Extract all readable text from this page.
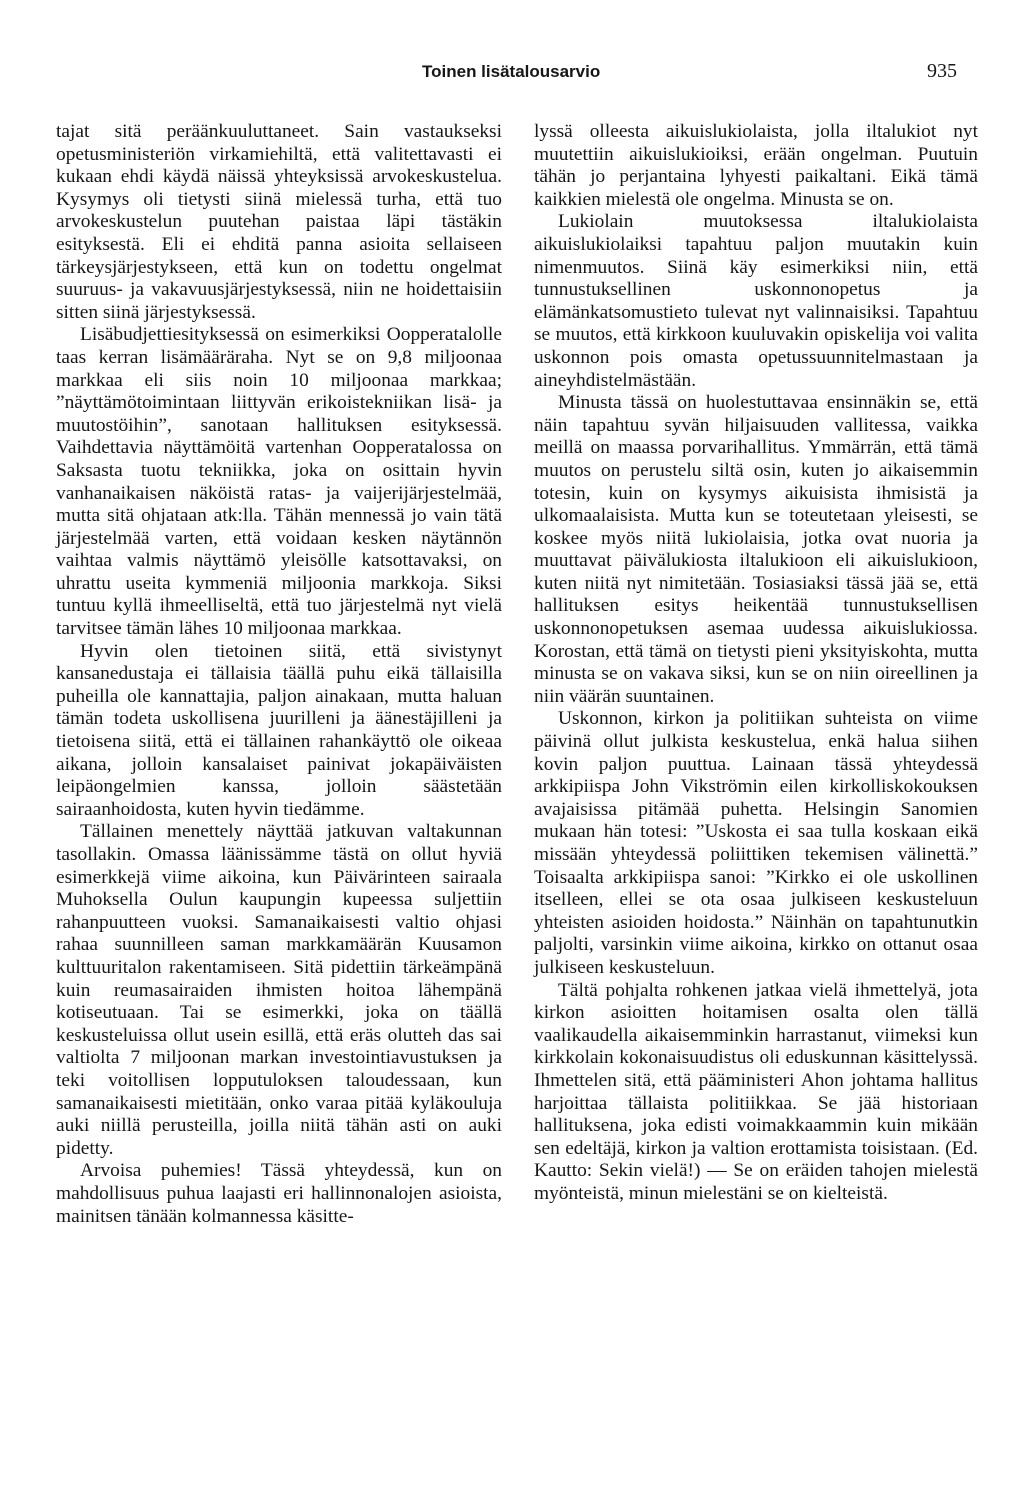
Toinen lisätalousarvio	935

tajat sitä peräänkuuluttaneet. Sain vastaukseksi opetusministeriön virkamiehiltä, että valitettavasti ei kukaan ehdi käydä näissä yhteyksissä arvokeskustelua. Kysymys oli tietysti siinä mielessä turha, että tuo arvokeskustelun puutehan paistaa läpi tästäkin esityksestä. Eli ei ehditä panna asioita sellaiseen tärkeysjärjestykseen, että kun on todettu ongelmat suuruus- ja vakavuusjärjestyksessä, niin ne hoidettaisiin sitten siinä järjestyksessä.

Lisäbudjettiesityksessä on esimerkiksi Oopperatalolle taas kerran lisämääräraha. Nyt se on 9,8 miljoonaa markkaa eli siis noin 10 miljoonaa markkaa; ”näyttämötoimintaan liittyvän erikoistekniikan lisä- ja muutostöihin”, sanotaan hallituksen esityksessä. Vaihdettavia näyttämöitä vartenhan Oopperatalossa on Saksasta tuotu tekniikka, joka on osittain hyvin vanhanaikaisen näköistä ratas- ja vaijerijärjestelmää, mutta sitä ohjataan atk:lla. Tähän mennessä jo vain tätä järjestelmää varten, että voidaan kesken näytännön vaihtaa valmis näyttämö yleisölle katsottavaksi, on uhrattu useita kymmeniä miljoonia markkoja. Siksi tuntuu kyllä ihmeelliseltä, että tuo järjestelmä nyt vielä tarvitsee tämän lähes 10 miljoonaa markkaa.

Hyvin olen tietoinen siitä, että sivistynyt kansanedustaja ei tällaisia täällä puhu eikä tällaisilla puheilla ole kannattajia, paljon ainakaan, mutta haluan tämän todeta uskollisena juurilleni ja äänestäjilleni ja tietoisena siitä, että ei tällainen rahankäyttö ole oikeaa aikana, jolloin kansalaiset painivat jokapäiväisten leipäongelmien kanssa, jolloin säästetään sairaanhoidosta, kuten hyvin tiedämme.

Tällainen menettely näyttää jatkuvan valtakunnan tasollakin. Omassa läänissämme tästä on ollut hyviä esimerkkejä viime aikoina, kun Päivärinteen sairaala Muhoksella Oulun kaupungin kupeessa suljettiin rahanpuutteen vuoksi. Samanaikaisesti valtio ohjasi rahaa suunnilleen saman markkamäärän Kuusamon kulttuuritalon rakentamiseen. Sitä pidettiin tärkeämpänä kuin reumasairaiden ihmisten hoitoa lähempänä kotiseutuaan. Tai se esimerkki, joka on täällä keskusteluissa ollut usein esillä, että eräs olutteh das sai valtiolta 7 miljoonan markan investointiavustuksen ja teki voitollisen lopputuloksen taloudessaan, kun samanaikaisesti mietitään, onko varaa pitää kyläkouluja auki niillä perusteilla, joilla niitä tähän asti on auki pidetty.

Arvoisa puhemies! Tässä yhteydessä, kun on mahdollisuus puhua laajasti eri hallinnonalojen asioista, mainitsen tänään kolmannessa käsitte-

lyssä olleesta aikuislukiolaista, jolla iltalukiot nyt muutettiin aikuislukioiksi, erään ongelman. Puutuin tähän jo perjantaina lyhyesti paikaltani. Eikä tämä kaikkien mielestä ole ongelma. Minusta se on.

Lukiolain muutoksessa iltalukiolaista aikuislukiolaiksi tapahtuu paljon muutakin kuin nimenmuutos. Siinä käy esimerkiksi niin, että tunnustuksellinen uskonnonopetus ja elämänkatsomustieto tulevat nyt valinnaisiksi. Tapahtuu se muutos, että kirkkoon kuuluvakin opiskelija voi valita uskonnon pois omasta opetussuunnitelmastaan ja aineyhdistelmästään.

Minusta tässä on huolestuttavaa ensinnäkin se, että näin tapahtuu syvän hiljaisuuden vallitessa, vaikka meillä on maassa porvarihallitus. Ymmärrän, että tämä muutos on perustelu siltä osin, kuten jo aikaisemmin totesin, kuin on kysymys aikuisista ihmisistä ja ulkomaalaisista. Mutta kun se toteutetaan yleisesti, se koskee myös niitä lukiolaisia, jotka ovat nuoria ja muuttavat päivälukiosta iltalukioon eli aikuislukioon, kuten niitä nyt nimitetään. Tosiasiaksi tässä jää se, että hallituksen esitys heikentää tunnustuksellisen uskonnonopetuksen asemaa uudessa aikuislukiossa. Korostan, että tämä on tietysti pieni yksityiskohta, mutta minusta se on vakava siksi, kun se on niin oireellinen ja niin väärän suuntainen.

Uskonnon, kirkon ja politiikan suhteista on viime päivinä ollut julkista keskustelua, enkä halua siihen kovin paljon puuttua. Lainaan tässä yhteydessä arkkipiispa John Vikströmin eilen kirkolliskokouksen avajaisissa pitämää puhetta. Helsingin Sanomien mukaan hän totesi: ”Uskosta ei saa tulla koskaan eikä missään yhteydessä poliittiken tekemisen välinettä.” Toisaalta arkkipiispa sanoi: ”Kirkko ei ole uskollinen itselleen, ellei se ota osaa julkiseen keskusteluun yhteisten asioiden hoidosta.” Näinhän on tapahtunutkin paljolti, varsinkin viime aikoina, kirkko on ottanut osaa julkiseen keskusteluun.

Tältä pohjalta rohkenen jatkaa vielä ihmettelyä, jota kirkon asioitten hoitamisen osalta olen tällä vaalikaudella aikaisemminkin harrastanut, viimeksi kun kirkkolain kokonaisuudistus oli eduskunnan käsittelyssä. Ihmettelen sitä, että pääministeri Ahon johtama hallitus harjoittaa tällaista politiikkaa. Se jää historiaan hallituksena, joka edisti voimakkaammin kuin mikään sen edeltäjä, kirkon ja valtion erottamista toisistaan. (Ed. Kautto: Sekin vielä!) — Se on eräiden tahojen mielestä myönteistä, minun mielestäni se on kielteistä.
